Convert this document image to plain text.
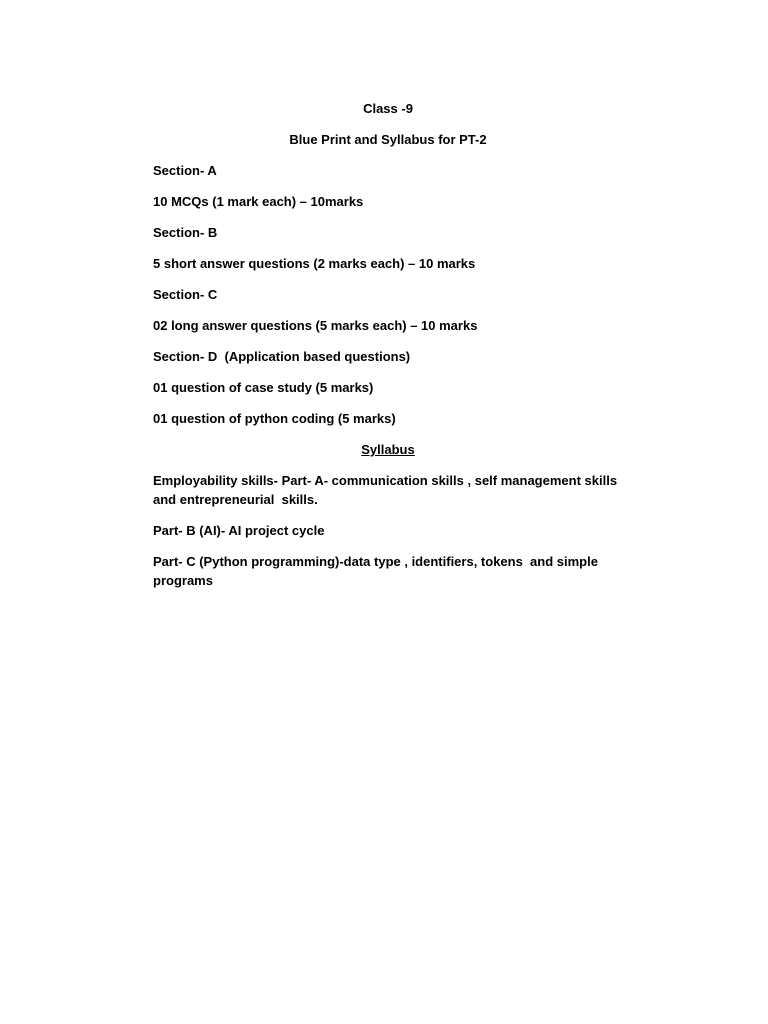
Class -9

Blue Print and Syllabus for PT-2

Section- A

10 MCQs (1 mark each) – 10marks

Section- B

5 short answer questions (2 marks each) – 10 marks

Section- C

02 long answer questions (5 marks each) – 10 marks

Section- D  (Application based questions)

01 question of case study (5 marks)

01 question of python coding (5 marks)

Syllabus

Employability skills- Part- A- communication skills , self management skills and entrepreneurial  skills.

Part- B (AI)- AI project cycle

Part- C (Python programming)-data type , identifiers, tokens  and simple programs
